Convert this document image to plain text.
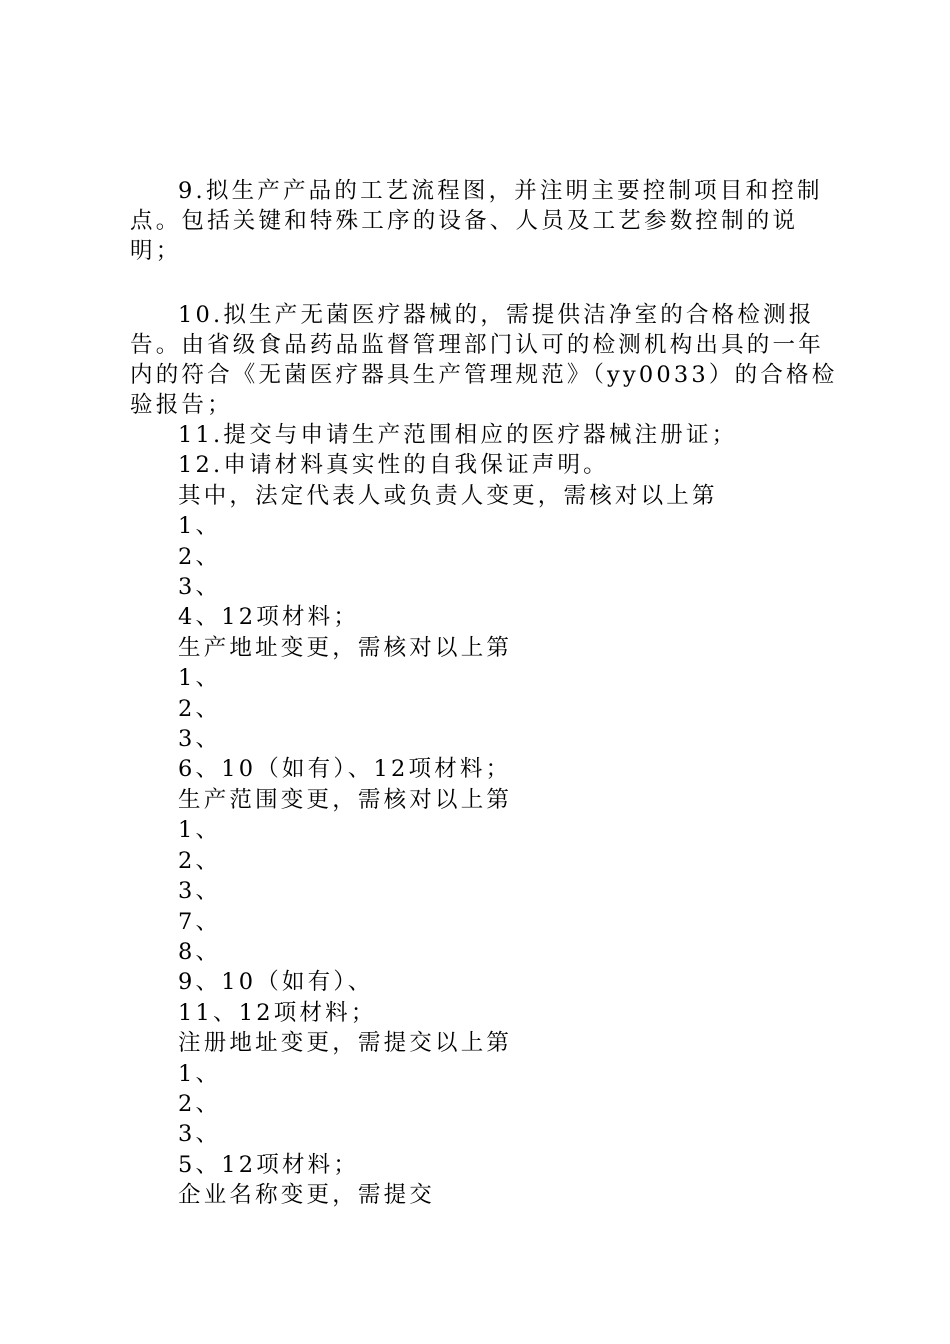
9.拟生产产品的工艺流程图，并注明主要控制项目和控制点。包括关键和特殊工序的设备、人员及工艺参数控制的说明；

10.拟生产无菌医疗器械的，需提供洁净室的合格检测报告。由省级食品药品监督管理部门认可的检测机构出具的一年内的符合《无菌医疗器具生产管理规范》（yy0033）的合格检验报告；

11.提交与申请生产范围相应的医疗器械注册证；

12.申请材料真实性的自我保证声明。

其中，法定代表人或负责人变更，需核对以上第

1、

2、

3、

4、12项材料；

生产地址变更，需核对以上第

1、

2、

3、

6、10（如有）、12项材料；

生产范围变更，需核对以上第

1、

2、

3、

7、

8、

9、10（如有）、

11、12项材料；

注册地址变更，需提交以上第

1、

2、

3、

5、12项材料；

企业名称变更，需提交
